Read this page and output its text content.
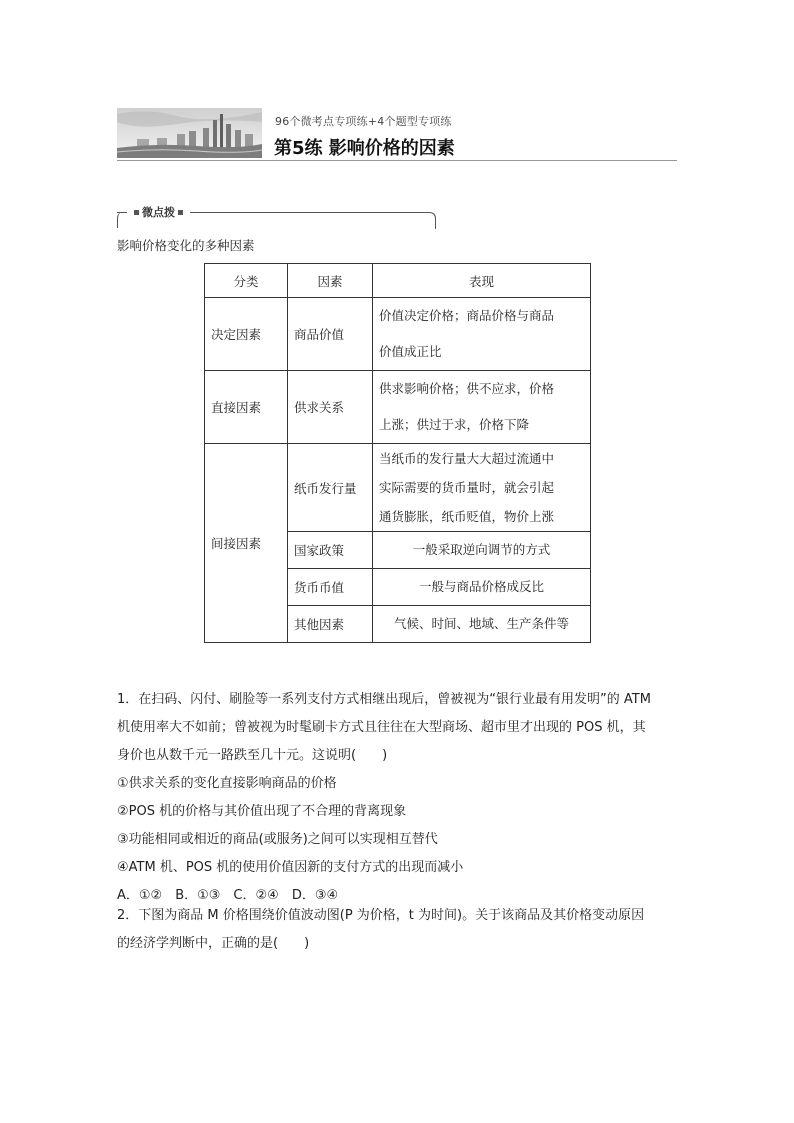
96个微考点专项练+4个题型专项练
第5练 影响价格的因素
微点拨
影响价格变化的多种因素
分类	因素	表现
决定因素	商品价值	价值决定价格；商品价格与商品
价值成正比

直接因素	供求关系	供求影响价格；供不应求，价格
上涨；供过于求，价格下降

间接因素	纸币发行量	当纸币的发行量大大超过流通中
实际需要的货币量时，就会引起
通货膨胀，纸币贬值，物价上涨

	国家政策	一般采取逆向调节的方式

	货币币值	一般与商品价格成反比

	其他因素	气候、时间、地域、生产条件等
1．在扫码、闪付、刷脸等一系列支付方式相继出现后，曾被视为“银行业最有用发明”的 ATM
机使用率大不如前；曾被视为时髦刷卡方式且往往在大型商场、超市里才出现的 POS 机，其
身价也从数千元一路跌至几十元。这说明(　　)
①供求关系的变化直接影响商品的价格
②POS 机的价格与其价值出现了不合理的背离现象
③功能相同或相近的商品(或服务)之间可以实现相互替代
④ATM 机、POS 机的使用价值因新的支付方式的出现而减小
A．①②　B．①③　C．②④　D．③④
2．下图为商品 M 价格围绕价值波动图(P 为价格，t 为时间)。关于该商品及其价格变动原因
的经济学判断中，正确的是(　　)
